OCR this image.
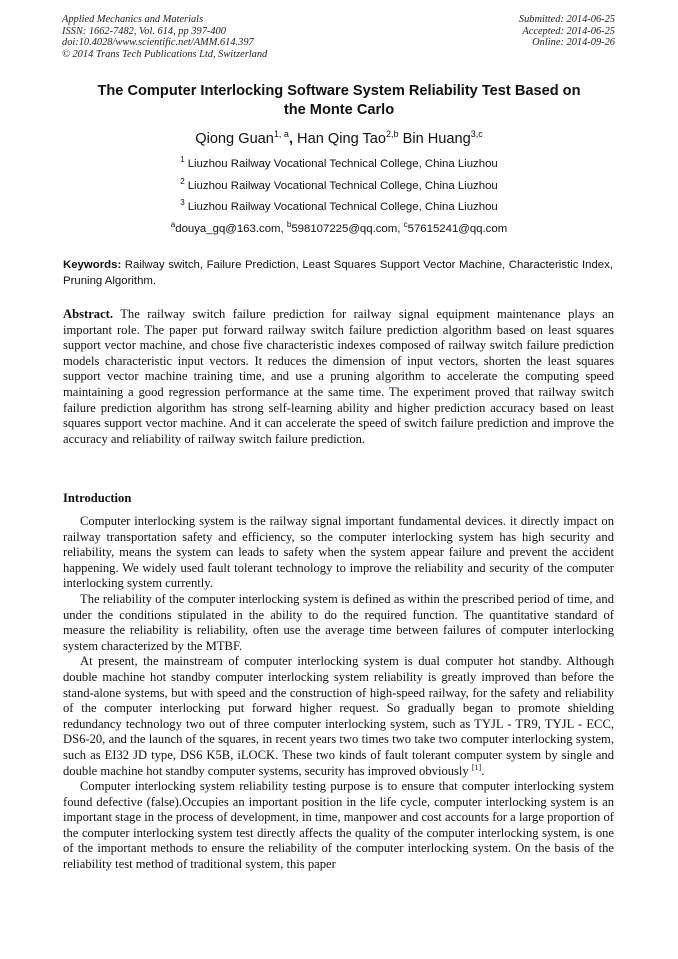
Applied Mechanics and Materials
ISSN: 1662-7482, Vol. 614, pp 397-400
doi:10.4028/www.scientific.net/AMM.614.397
© 2014 Trans Tech Publications Ltd, Switzerland
Submitted: 2014-06-25
Accepted: 2014-06-25
Online: 2014-09-26
The Computer Interlocking Software System Reliability Test Based on
the Monte Carlo
Qiong Guan$^{1, a}$, Han Qing Tao$^{2,b}$ Bin Huang$^{3,c}$
$^1$ Liuzhou Railway Vocational Technical College, China Liuzhou
$^2$ Liuzhou Railway Vocational Technical College, China Liuzhou
$^3$ Liuzhou Railway Vocational Technical College, China Liuzhou
$^a$douya_gq@163.com, $^b$598107225@qq.com, $^c$57615241@qq.com
Keywords: Railway switch, Failure Prediction, Least Squares Support Vector Machine, Characteristic Index, Pruning Algorithm.

Abstract. The railway switch failure prediction for railway signal equipment maintenance plays an important role. The paper put forward railway switch failure prediction algorithm based on least squares support vector machine, and chose five characteristic indexes composed of railway switch failure prediction models characteristic input vectors. It reduces the dimension of input vectors, shorten the least squares support vector machine training time, and use a pruning algorithm to accelerate the computing speed maintaining a good regression performance at the same time. The experiment proved that railway switch failure prediction algorithm has strong self-learning ability and higher prediction accuracy based on least squares support vector machine. And it can accelerate the speed of switch failure prediction and improve the accuracy and reliability of railway switch failure prediction.

Introduction

Computer interlocking system is the railway signal important fundamental devices. it directly impact on railway transportation safety and efficiency, so the computer interlocking system has high security and reliability, means the system can leads to safety when the system appear failure and prevent the accident happening. We widely used fault tolerant technology to improve the reliability and security of the computer interlocking system currently.

The reliability of the computer interlocking system is defined as within the prescribed period of time, and under the conditions stipulated in the ability to do the required function. The quantitative standard of measure the reliability is reliability, often use the average time between failures of computer interlocking system characterized by the MTBF.

At present, the mainstream of computer interlocking system is dual computer hot standby. Although double machine hot standby computer interlocking system reliability is greatly improved than before the stand-alone systems, but with speed and the construction of high-speed railway, for the safety and reliability of the computer interlocking put forward higher request. So gradually began to promote shielding redundancy technology two out of three computer interlocking system, such as TYJL - TR9, TYJL - ECC, DS6-20, and the launch of the squares, in recent years two times two take two computer interlocking system, such as EI32 JD type, DS6 K5B, iLOCK. These two kinds of fault tolerant computer system by single and double machine hot standby computer systems, security has improved obviously [1].

Computer interlocking system reliability testing purpose is to ensure that computer interlocking system found defective (false).Occupies an important position in the life cycle, computer interlocking system is an important stage in the process of development, in time, manpower and cost accounts for a large proportion of the computer interlocking system test directly affects the quality of the computer interlocking system, is one of the important methods to ensure the reliability of the computer interlocking system. On the basis of the reliability test method of traditional system, this paper
